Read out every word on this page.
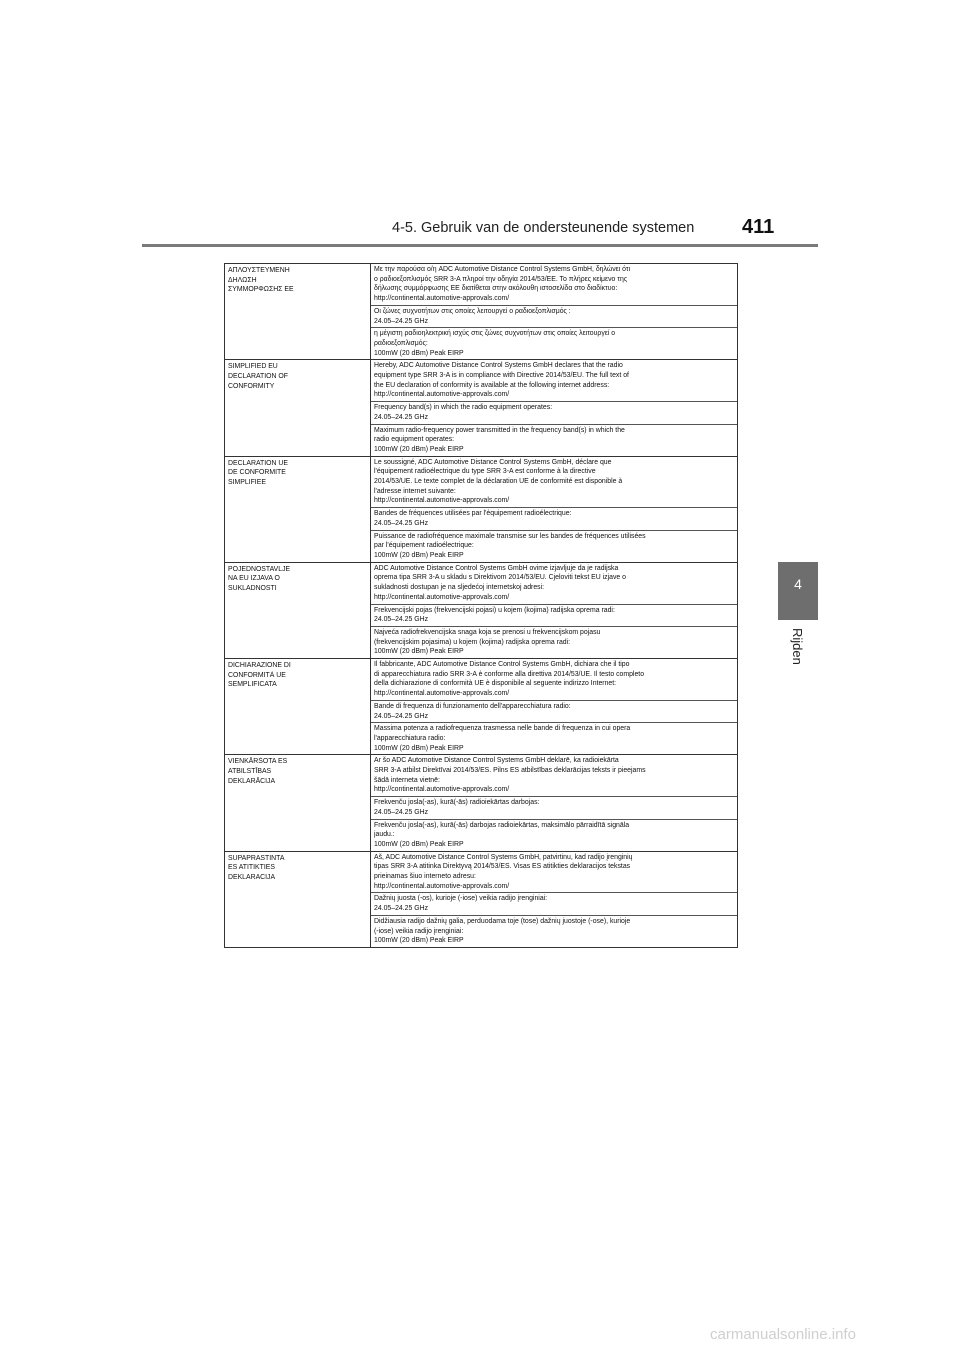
4-5. Gebruik van de ondersteunende systemen 411
4
Rijden
ΑΠΛΟΥΣΤΕΥΜΕΝΗ
ΔΗΛΩΣΗ
ΣΥΜΜΟΡΦΩΣΗΣ ΕΕ
Με την παρούσα ο/η ADC Automotive Distance Control Systems GmbH, δηλώνει ότι
ο ραδιοεξοπλισμός SRR 3-A πληροί την οδηγία 2014/53/ΕΕ. Το πλήρες κείμενο της
δήλωσης συμμόρφωσης ΕΕ διατίθεται στην ακόλουθη ιστοσελίδα στο διαδίκτυο:
http://continental.automotive-approvals.com/
Οι ζώνες συχνοτήτων στις οποίες λειτουργεί ο ραδιοεξοπλισμός :
24.05–24.25 GHz
η μέγιστη ραδιοηλεκτρική ισχύς στις ζώνες συχνοτήτων στις οποίες λειτουργεί ο
ραδιοεξοπλισμός:
100mW (20 dBm) Peak EIRP
SIMPLIFIED EU
DECLARATION OF
CONFORMITY
Hereby, ADC Automotive Distance Control Systems GmbH declares that the radio
equipment type SRR 3-A is in compliance with Directive 2014/53/EU. The full text of
the EU declaration of conformity is available at the following internet address:
http://continental.automotive-approvals.com/
Frequency band(s) in which the radio equipment operates:
24.05–24.25 GHz
Maximum radio-frequency power transmitted in the frequency band(s) in which the
radio equipment operates:
100mW (20 dBm) Peak EIRP
DECLARATION UE
DE CONFORMITE
SIMPLIFIEE
Le soussigné, ADC Automotive Distance Control Systems GmbH, déclare que
l'équipement radioélectrique du type SRR 3-A est conforme à la directive
2014/53/UE. Le texte complet de la déclaration UE de conformité est disponible à
l'adresse internet suivante:
http://continental.automotive-approvals.com/
Bandes de fréquences utilisées par l'équipement radioélectrique:
24.05–24.25 GHz
Puissance de radiofréquence maximale transmise sur les bandes de fréquences utilisées
par l'équipement radioélectrique:
100mW (20 dBm) Peak EIRP
POJEDNOSTAVLJE
NA EU IZJAVA O
SUKLADNOSTI
ADC Automotive Distance Control Systems GmbH ovime izjavljuje da je radijska
oprema tipa SRR 3-A u skladu s Direktivom 2014/53/EU. Cjeloviti tekst EU izjave o
sukladnosti dostupan je na sljedećoj internetskoj adresi:
http://continental.automotive-approvals.com/
Frekvencijski pojas (frekvencijski pojasi) u kojem (kojima) radijska oprema radi:
24.05–24.25 GHz
Najveća radiofrekvencijska snaga koja se prenosi u frekvencijskom pojasu
(frekvencijskim pojasima) u kojem (kojima) radijska oprema radi:
100mW (20 dBm) Peak EIRP
DICHIARAZIONE DI
CONFORMITÀ UE
SEMPLIFICATA
Il fabbricante, ADC Automotive Distance Control Systems GmbH, dichiara che il tipo
di apparecchiatura radio SRR 3-A è conforme alla direttiva 2014/53/UE. Il testo completo
della dichiarazione di conformità UE è disponibile al seguente indirizzo Internet:
http://continental.automotive-approvals.com/
Bande di frequenza di funzionamento dell'apparecchiatura radio:
24.05–24.25 GHz
Massima potenza a radiofrequenza trasmessa nelle bande di frequenza in cui opera
l'apparecchiatura radio:
100mW (20 dBm) Peak EIRP
VIENKĀRŠOTA ES
ATBILSTĪBAS
DEKLARĀCIJA
Ar šo ADC Automotive Distance Control Systems GmbH deklarē, ka radioiekārta
SRR 3-A atbilst Direktīvai 2014/53/ES. Pilns ES atbilstības deklarācijas teksts ir pieejams
šādā interneta vietnē:
http://continental.automotive-approvals.com/
Frekvenču josla(-as), kurā(-ās) radioiekārtas darbojas:
24.05–24.25 GHz
Frekvenču josla(-as), kurā(-ās) darbojas radioiekārtas, maksimālo pārraidītā signāla
jaudu.:
100mW (20 dBm) Peak EIRP
SUPAPRASTINTA
ES ATITIKTIES
DEKLARACIJA
Aš, ADC Automotive Distance Control Systems GmbH, patvirtinu, kad radijo įrenginių
tipas SRR 3-A atitinka Direktyvą 2014/53/ES. Visas ES atitikties deklaracijos tekstas
prieinamas šiuo interneto adresu:
http://continental.automotive-approvals.com/
Dažnių juosta (-os), kurioje (-iose) veikia radijo įrenginiai:
24.05–24.25 GHz
Didžiausia radijo dažnių galia, perduodama toje (tose) dažnių juostoje (-ose), kurioje
(-iose) veikia radijo įrenginiai:
100mW (20 dBm) Peak EIRP
carmanualsonline.info
